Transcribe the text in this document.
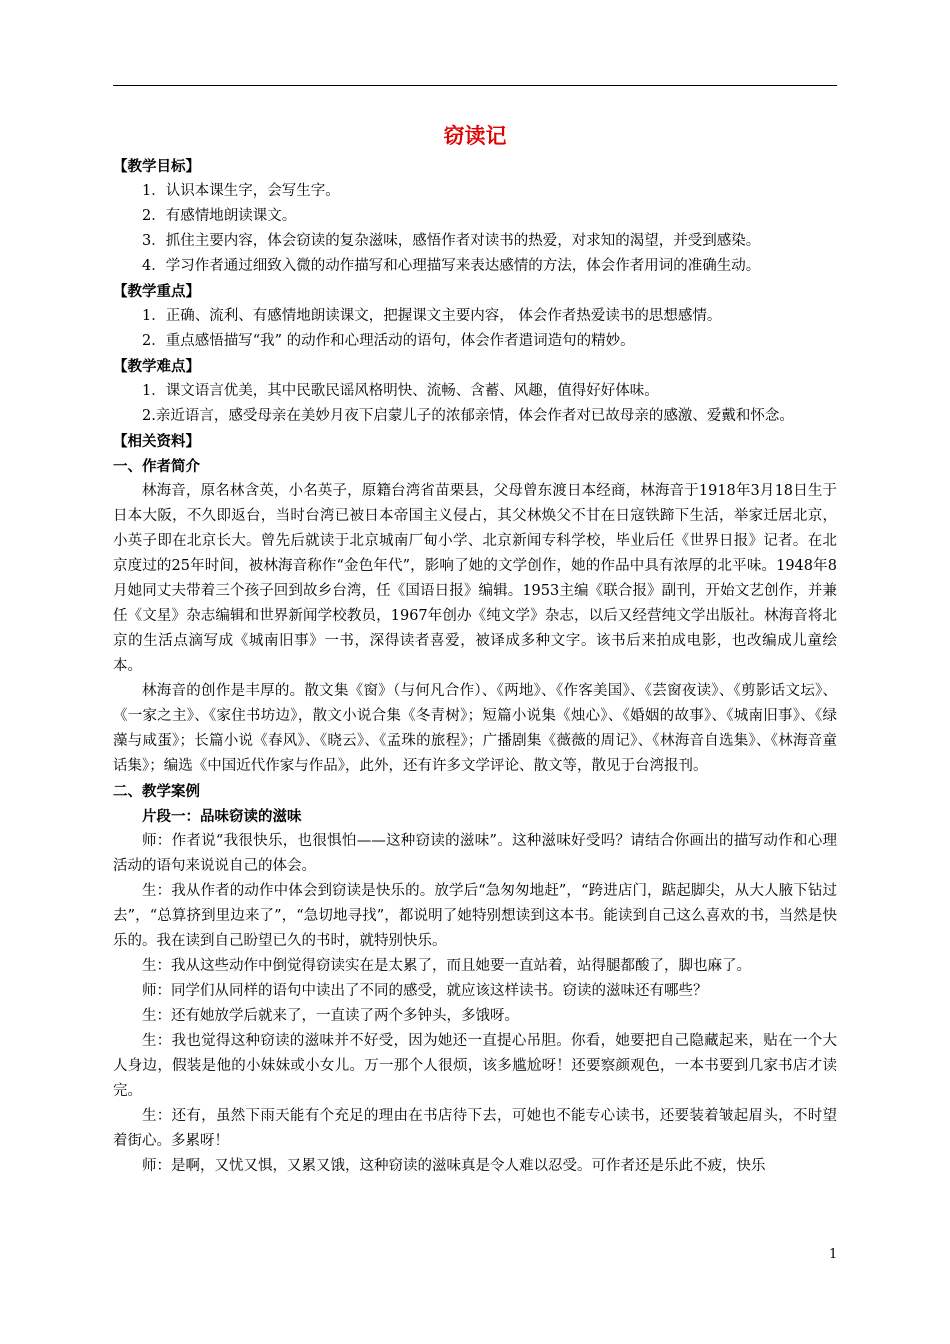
窃读记

【教学目标】

1．认识本课生字，会写生字。

2．有感情地朗读课文。

3．抓住主要内容，体会窃读的复杂滋味，感悟作者对读书的热爱，对求知的渴望，并受到感染。

4．学习作者通过细致入微的动作描写和心理描写来表达感情的方法，体会作者用词的准确生动。

【教学重点】

1．正确、流利、有感情地朗读课文，把握课文主要内容， 体会作者热爱读书的思想感情。

2．重点感悟描写“我” 的动作和心理活动的语句，体会作者遣词造句的精妙。

【教学难点】

1．课文语言优美，其中民歌民谣风格明快、流畅、含蓄、风趣，值得好好体味。

2.亲近语言，感受母亲在美妙月夜下启蒙儿子的浓郁亲情，体会作者对已故母亲的感激、爱戴和怀念。

【相关资料】

一、作者简介

林海音，原名林含英，小名英子，原籍台湾省苗栗县，父母曾东渡日本经商，林海音于1918年3月18日生于日本大阪，不久即返台，当时台湾已被日本帝国主义侵占，其父林焕父不甘在日寇铁蹄下生活，举家迁居北京，小英子即在北京长大。曾先后就读于北京城南厂甸小学、北京新闻专科学校，毕业后任《世界日报》记者。在北京度过的25年时间，被林海音称作“金色年代”，影响了她的文学创作，她的作品中具有浓厚的北平味。1948年8月她同丈夫带着三个孩子回到故乡台湾，任《国语日报》编辑。1953主编《联合报》副刊，开始文艺创作，并兼任《文星》杂志编辑和世界新闻学校教员，1967年创办《纯文学》杂志，以后又经营纯文学出版社。林海音将北京的生活点滴写成《城南旧事》一书，深得读者喜爱，被译成多种文字。该书后来拍成电影，也改编成儿童绘本。

林海音的创作是丰厚的。散文集《窗》（与何凡合作）、《两地》、《作客美国》、《芸窗夜读》、《剪影话文坛》、《一家之主》、《家住书坊边》，散文小说合集《冬青树》；短篇小说集《烛心》、《婚姻的故事》、《城南旧事》、《绿藻与咸蛋》；长篇小说《春风》、《晓云》、《孟珠的旅程》；广播剧集《薇薇的周记》、《林海音自选集》、《林海音童话集》；编选《中国近代作家与作品》，此外，还有许多文学评论、散文等，散见于台湾报刊。

二、教学案例

片段一：品味窃读的滋味

师：作者说“我很快乐，也很惧怕——这种窃读的滋味”。这种滋味好受吗？请结合你画出的描写动作和心理活动的语句来说说自己的体会。

生：我从作者的动作中体会到窃读是快乐的。放学后“急匆匆地赶”，“跨进店门，踮起脚尖，从大人腋下钻过去”，“总算挤到里边来了”，“急切地寻找”，都说明了她特别想读到这本书。能读到自己这么喜欢的书，当然是快乐的。我在读到自己盼望已久的书时，就特别快乐。

生：我从这些动作中倒觉得窃读实在是太累了，而且她要一直站着，站得腿都酸了，脚也麻了。

师：同学们从同样的语句中读出了不同的感受，就应该这样读书。窃读的滋味还有哪些？

生：还有她放学后就来了，一直读了两个多钟头，多饿呀。

生：我也觉得这种窃读的滋味并不好受，因为她还一直提心吊胆。你看，她要把自己隐藏起来，贴在一个大人身边，假装是他的小妹妹或小女儿。万一那个人很烦，该多尴尬呀！还要察颜观色，一本书要到几家书店才读完。

生：还有，虽然下雨天能有个充足的理由在书店待下去，可她也不能专心读书，还要装着皱起眉头，不时望着街心。多累呀！

师：是啊，又忧又惧，又累又饿，这种窃读的滋味真是令人难以忍受。可作者还是乐此不疲，快乐

1
